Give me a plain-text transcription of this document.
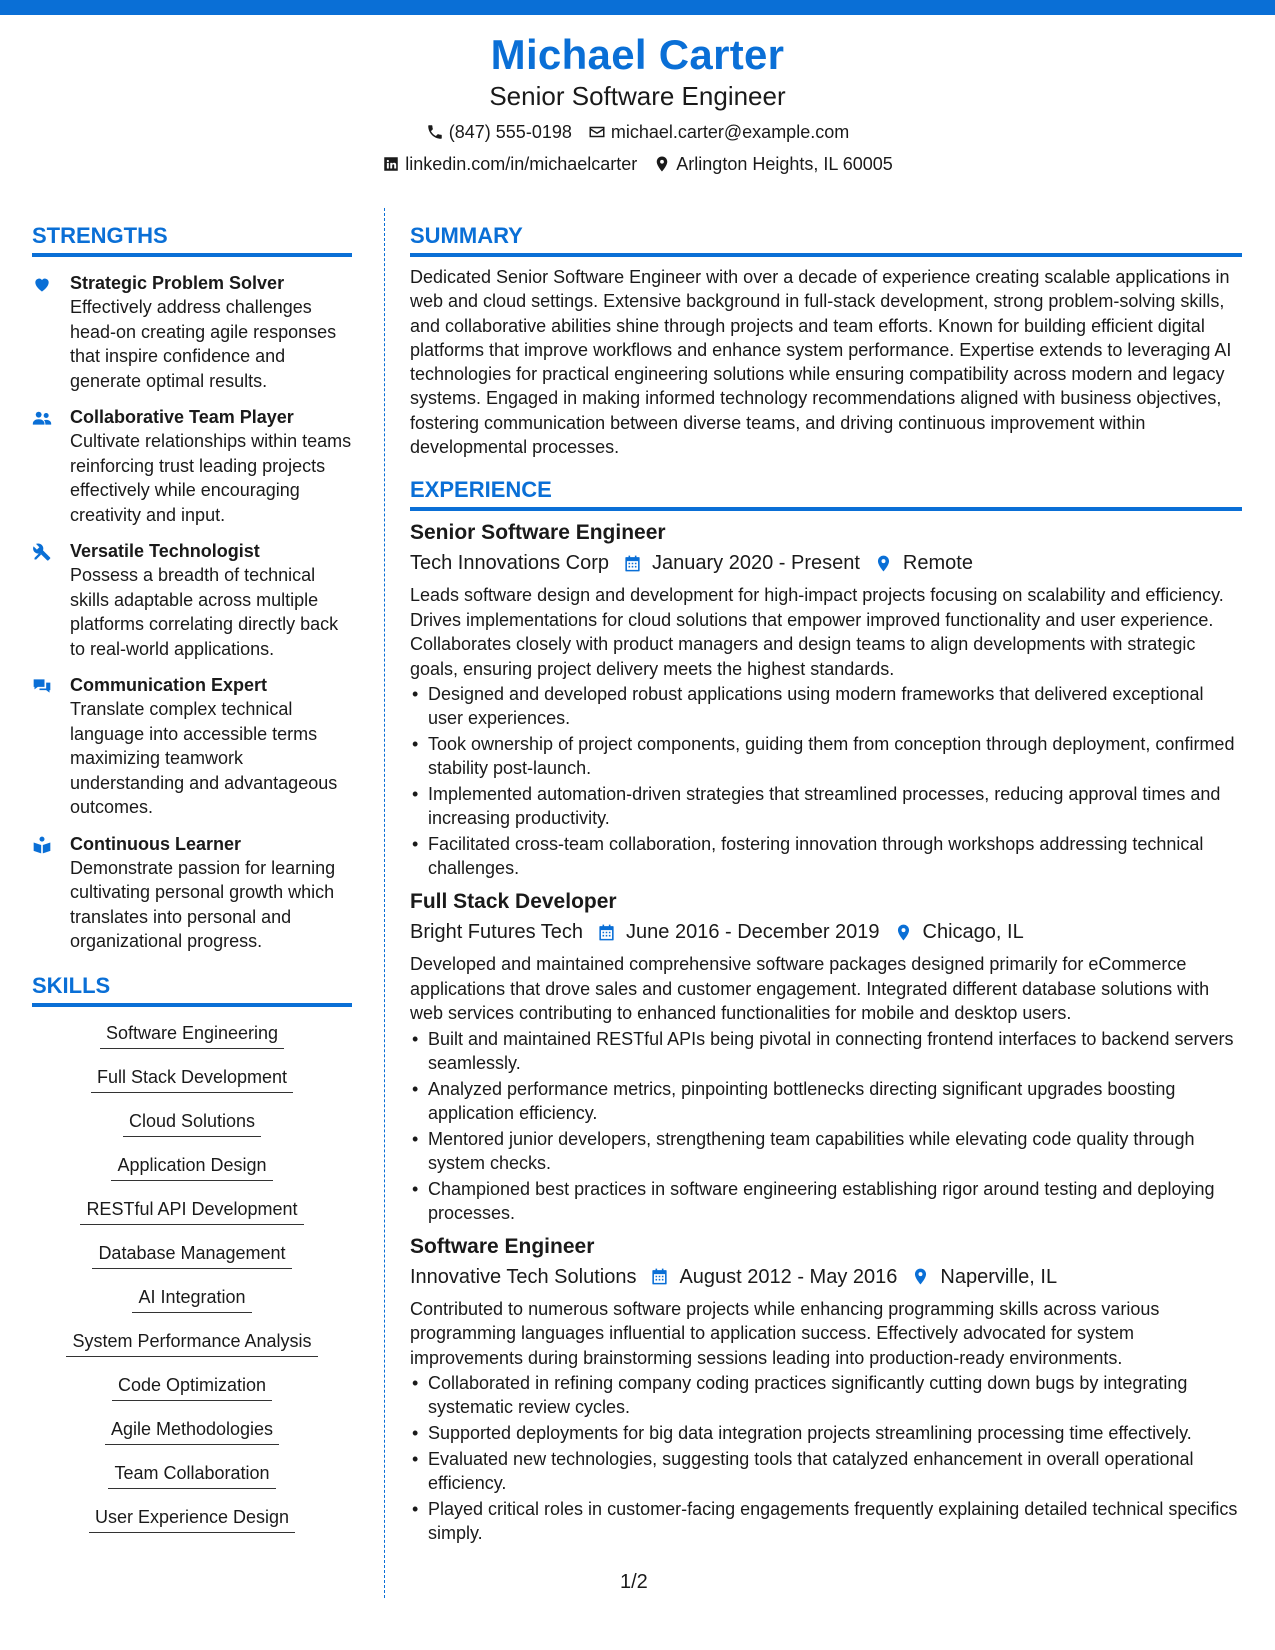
Michael Carter
Senior Software Engineer
(847) 555-0198 michael.carter@example.com
linkedin.com/in/michaelcarter Arlington Heights, IL 60005
STRENGTHS
Strategic Problem Solver
Effectively address challenges head-on creating agile responses that inspire confidence and generate optimal results.
Collaborative Team Player
Cultivate relationships within teams reinforcing trust leading projects effectively while encouraging creativity and input.
Versatile Technologist
Possess a breadth of technical skills adaptable across multiple platforms correlating directly back to real-world applications.
Communication Expert
Translate complex technical language into accessible terms maximizing teamwork understanding and advantageous outcomes.
Continuous Learner
Demonstrate passion for learning cultivating personal growth which translates into personal and organizational progress.
SKILLS
Software Engineering
Full Stack Development
Cloud Solutions
Application Design
RESTful API Development
Database Management
AI Integration
System Performance Analysis
Code Optimization
Agile Methodologies
Team Collaboration
User Experience Design
SUMMARY
Dedicated Senior Software Engineer with over a decade of experience creating scalable applications in web and cloud settings. Extensive background in full-stack development, strong problem-solving skills, and collaborative abilities shine through projects and team efforts. Known for building efficient digital platforms that improve workflows and enhance system performance. Expertise extends to leveraging AI technologies for practical engineering solutions while ensuring compatibility across modern and legacy systems. Engaged in making informed technology recommendations aligned with business objectives, fostering communication between diverse teams, and driving continuous improvement within developmental processes.
EXPERIENCE
Senior Software Engineer
Tech Innovations Corp January 2020 - Present Remote
Leads software design and development for high-impact projects focusing on scalability and efficiency. Drives implementations for cloud solutions that empower improved functionality and user experience. Collaborates closely with product managers and design teams to align developments with strategic goals, ensuring project delivery meets the highest standards.
• Designed and developed robust applications using modern frameworks that delivered exceptional user experiences.
• Took ownership of project components, guiding them from conception through deployment, confirmed stability post-launch.
• Implemented automation-driven strategies that streamlined processes, reducing approval times and increasing productivity.
• Facilitated cross-team collaboration, fostering innovation through workshops addressing technical challenges.
Full Stack Developer
Bright Futures Tech June 2016 - December 2019 Chicago, IL
Developed and maintained comprehensive software packages designed primarily for eCommerce applications that drove sales and customer engagement. Integrated different database solutions with web services contributing to enhanced functionalities for mobile and desktop users.
• Built and maintained RESTful APIs being pivotal in connecting frontend interfaces to backend servers seamlessly.
• Analyzed performance metrics, pinpointing bottlenecks directing significant upgrades boosting application efficiency.
• Mentored junior developers, strengthening team capabilities while elevating code quality through system checks.
• Championed best practices in software engineering establishing rigor around testing and deploying processes.
Software Engineer
Innovative Tech Solutions August 2012 - May 2016 Naperville, IL
Contributed to numerous software projects while enhancing programming skills across various programming languages influential to application success. Effectively advocated for system improvements during brainstorming sessions leading into production-ready environments.
• Collaborated in refining company coding practices significantly cutting down bugs by integrating systematic review cycles.
• Supported deployments for big data integration projects streamlining processing time effectively.
• Evaluated new technologies, suggesting tools that catalyzed enhancement in overall operational efficiency.
• Played critical roles in customer-facing engagements frequently explaining detailed technical specifics simply.
1/2
